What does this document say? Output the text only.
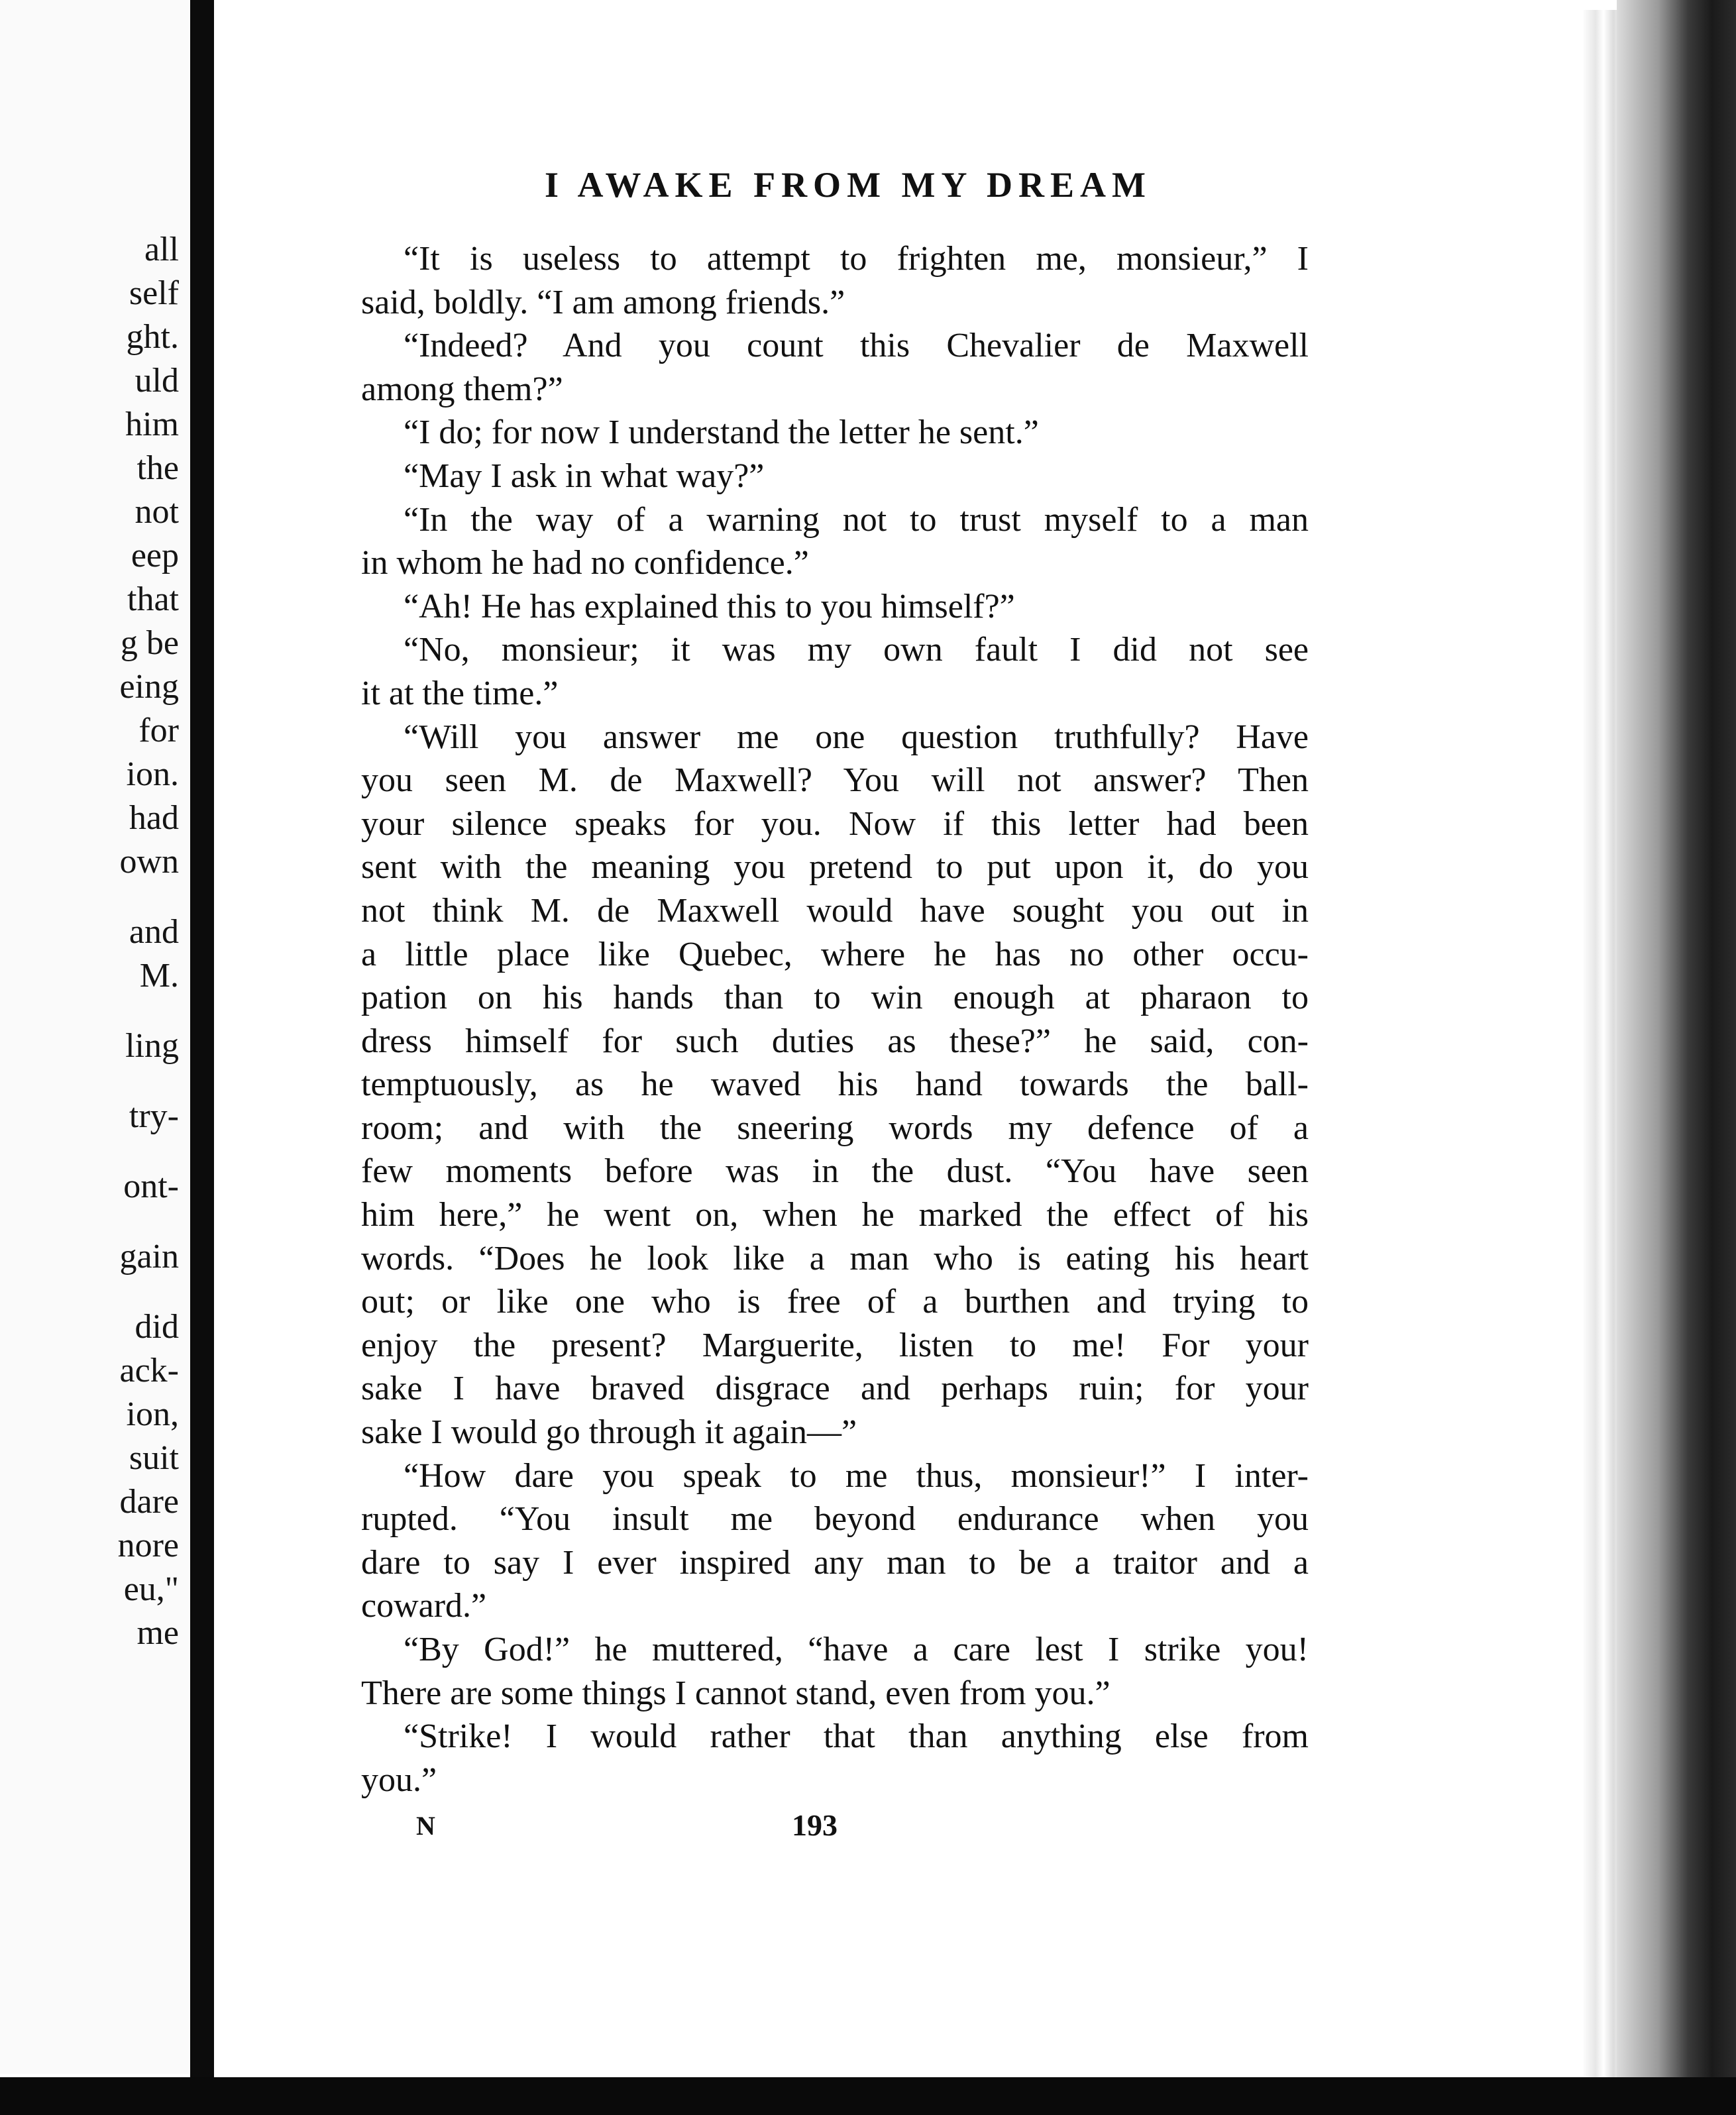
all
self
ght.
uld
him
the
not
eep
that
g be
eing
for
ion.
had
own
and
M.
ling
try-
ont-
gain
did
ack-
ion,
suit
dare
nore
eu,"
me
I AWAKE FROM MY DREAM
“It is useless to attempt to frighten me, monsieur,” I
said, boldly. “I am among friends.”
“Indeed? And you count this Chevalier de Maxwell
among them?”
“I do; for now I understand the letter he sent.”
“May I ask in what way?”
“In the way of a warning not to trust myself to a man
in whom he had no confidence.”
“Ah! He has explained this to you himself?”
“No, monsieur; it was my own fault I did not see
it at the time.”
“Will you answer me one question truthfully? Have
you seen M. de Maxwell? You will not answer? Then
your silence speaks for you. Now if this letter had been
sent with the meaning you pretend to put upon it, do you
not think M. de Maxwell would have sought you out in
a little place like Quebec, where he has no other occu-
pation on his hands than to win enough at pharaon to
dress himself for such duties as these?” he said, con-
temptuously, as he waved his hand towards the ball-
room; and with the sneering words my defence of a
few moments before was in the dust. “You have seen
him here,” he went on, when he marked the effect of his
words. “Does he look like a man who is eating his heart
out; or like one who is free of a burthen and trying to
enjoy the present? Marguerite, listen to me! For your
sake I have braved disgrace and perhaps ruin; for your
sake I would go through it again—”
“How dare you speak to me thus, monsieur!” I inter-
rupted. “You insult me beyond endurance when you
dare to say I ever inspired any man to be a traitor and a
coward.”
“By God!” he muttered, “have a care lest I strike you!
There are some things I cannot stand, even from you.”
“Strike! I would rather that than anything else from
you.”
N	193
